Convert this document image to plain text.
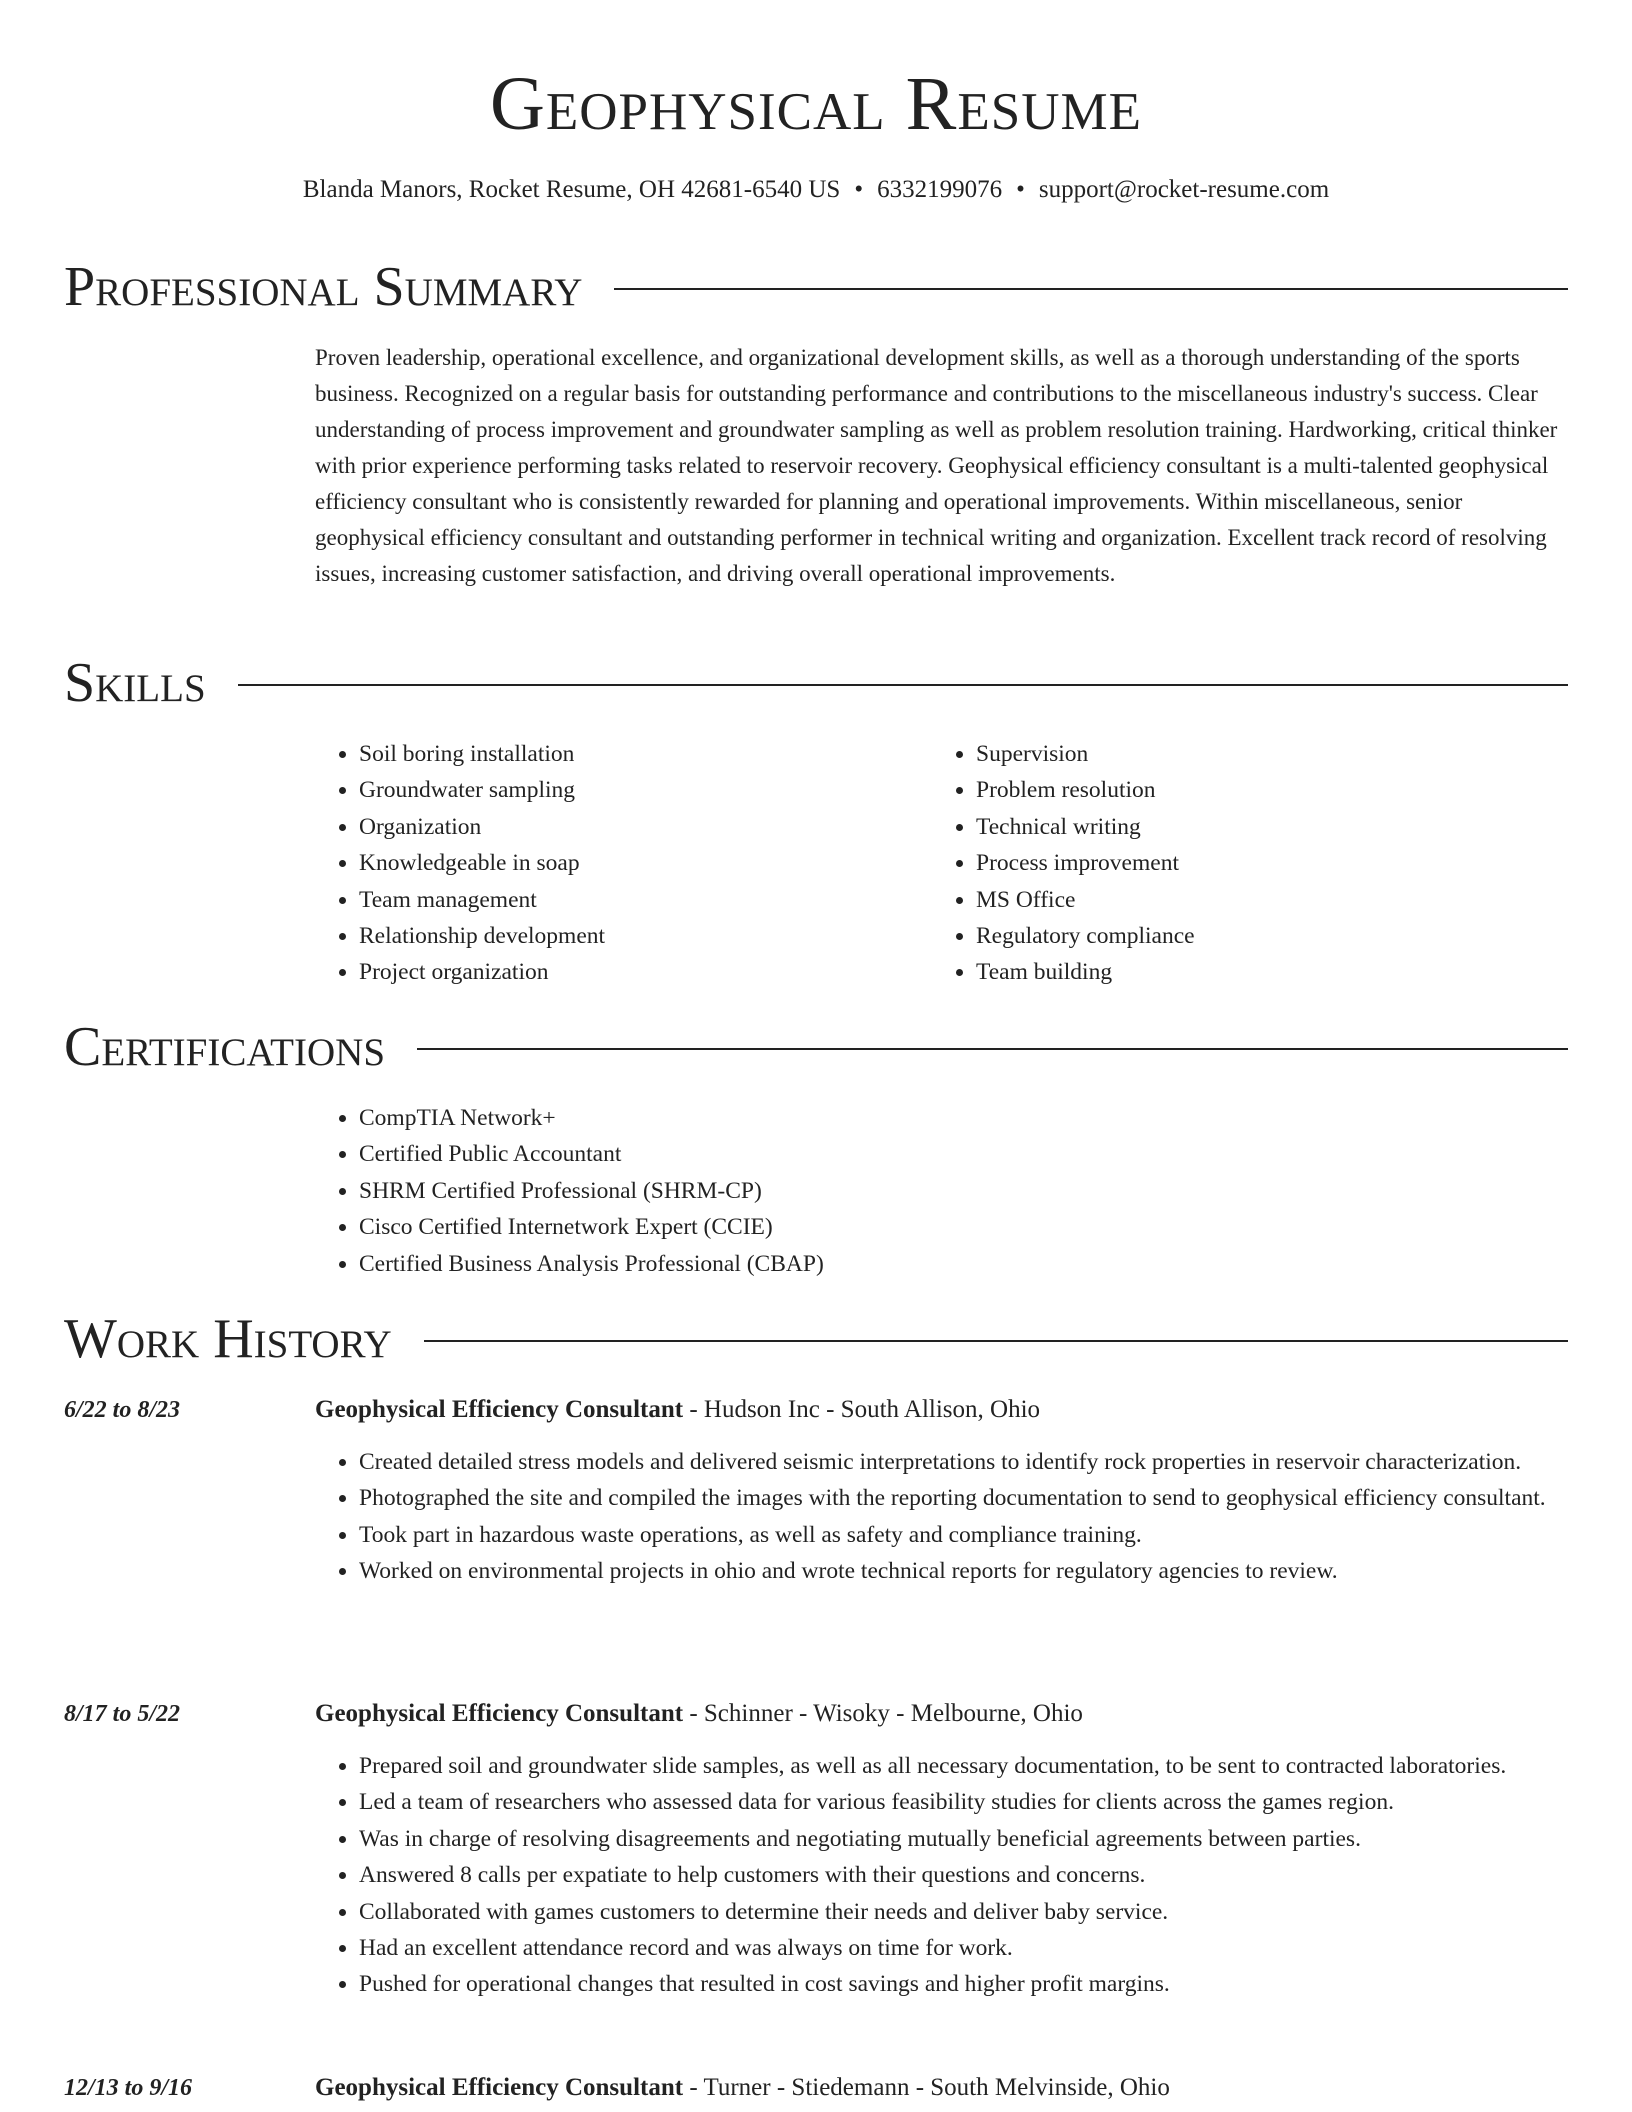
Geophysical Resume
Blanda Manors, Rocket Resume, OH 42681-6540 US • 6332199076 • support@rocket-resume.com
Professional Summary

Proven leadership, operational excellence, and organizational development skills, as well as a thorough understanding of the sports business. Recognized on a regular basis for outstanding performance and contributions to the miscellaneous industry's success. Clear understanding of process improvement and groundwater sampling as well as problem resolution training. Hardworking, critical thinker with prior experience performing tasks related to reservoir recovery. Geophysical efficiency consultant is a multi-talented geophysical efficiency consultant who is consistently rewarded for planning and operational improvements. Within miscellaneous, senior geophysical efficiency consultant and outstanding performer in technical writing and organization. Excellent track record of resolving issues, increasing customer satisfaction, and driving overall operational improvements.

Skills
• Soil boring installation
• Groundwater sampling
• Organization
• Knowledgeable in soap
• Team management
• Relationship development
• Project organization
• Supervision
• Problem resolution
• Technical writing
• Process improvement
• MS Office
• Regulatory compliance
• Team building
Certifications
• CompTIA Network+
• Certified Public Accountant
• SHRM Certified Professional (SHRM-CP)
• Cisco Certified Internetwork Expert (CCIE)
• Certified Business Analysis Professional (CBAP)
Work History
6/22 to 8/23	Geophysical Efficiency Consultant - Hudson Inc - South Allison, Ohio
• Created detailed stress models and delivered seismic interpretations to identify rock properties in reservoir characterization.
• Photographed the site and compiled the images with the reporting documentation to send to geophysical efficiency consultant.
• Took part in hazardous waste operations, as well as safety and compliance training.
• Worked on environmental projects in ohio and wrote technical reports for regulatory agencies to review.
8/17 to 5/22	Geophysical Efficiency Consultant - Schinner - Wisoky - Melbourne, Ohio
• Prepared soil and groundwater slide samples, as well as all necessary documentation, to be sent to contracted laboratories.
• Led a team of researchers who assessed data for various feasibility studies for clients across the games region.
• Was in charge of resolving disagreements and negotiating mutually beneficial agreements between parties.
• Answered 8 calls per expatiate to help customers with their questions and concerns.
• Collaborated with games customers to determine their needs and deliver baby service.
• Had an excellent attendance record and was always on time for work.
• Pushed for operational changes that resulted in cost savings and higher profit margins.
12/13 to 9/16	Geophysical Efficiency Consultant - Turner - Stiedemann - South Melvinside, Ohio
